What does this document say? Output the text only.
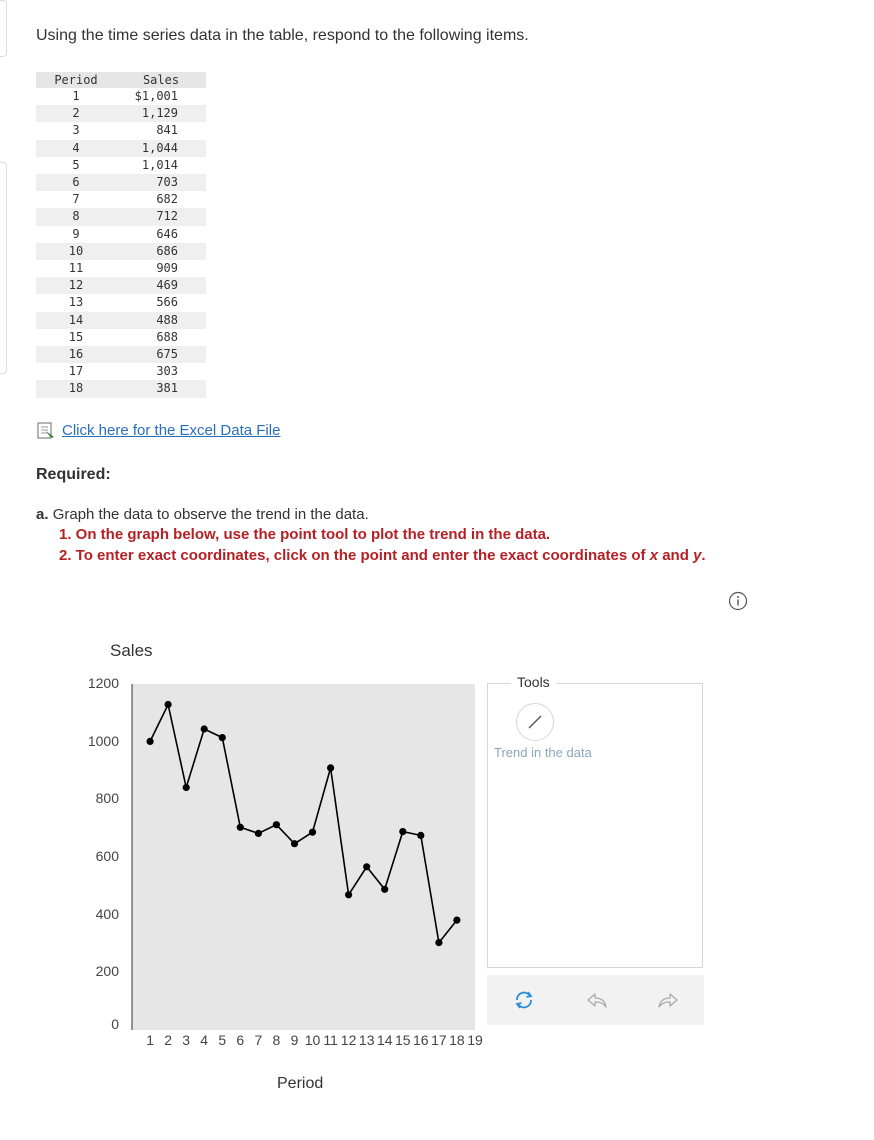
Using the time series data in the table, respond to the following items.
Period	Sales
1	$1,001
2	1,129
3	841
4	1,044
5	1,014
6	703
7	682
8	712
9	646
10	686
11	909
12	469
13	566
14	488
15	688
16	675
17	303
18	381
Click here for the Excel Data File
Required:
a. Graph the data to observe the trend in the data.
1. On the graph below, use the point tool to plot the trend in the data.
2. To enter exact coordinates, click on the point and enter the exact coordinates of x and y.
Sales
0
200
400
600
800
1000
1200
Period
1 2 3 4 5 6 7 8 9 10 11 12 13 14 15 16 17 18 19
Tools
Trend in the data
